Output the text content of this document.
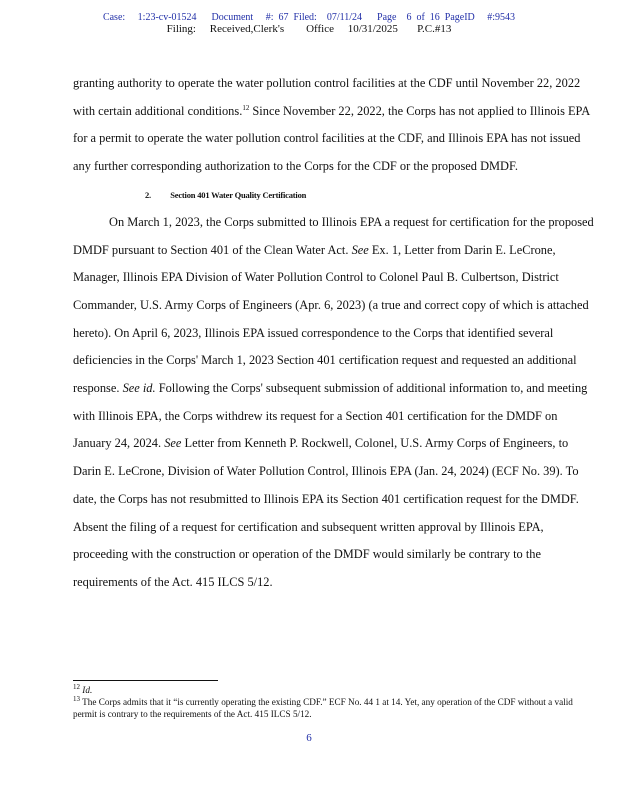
Case:     1:23-cv-01524      Document     #:  67  Filed:    07/11/24      Page    6  of  16  PageID     #:9543
Filing:     Received,Clerk's        Office     10/31/2025       P.C.#13

granting authority to operate the water pollution control facilities at the CDF until November 22, 2022 with certain additional conditions.$^{12}$ Since November 22, 2022, the Corps has not applied to Illinois EPA for a permit to operate the water pollution control facilities at the CDF, and Illinois EPA has not issued any further corresponding authorization to the Corps for the CDF or the proposed DMDF.

2. Section 401 Water Quality Certification

On March 1, 2023, the Corps submitted to Illinois EPA a request for certification for the proposed DMDF pursuant to Section 401 of the Clean Water Act. See Ex. 1, Letter from Darin E. LeCrone, Manager, Illinois EPA Division of Water Pollution Control to Colonel Paul B. Culbertson, District Commander, U.S. Army Corps of Engineers (Apr. 6, 2023) (a true and correct copy of which is attached hereto). On April 6, 2023, Illinois EPA issued correspondence to the Corps that identified several deficiencies in the Corps' March 1, 2023 Section 401 certification request and requested an additional response. See id. Following the Corps' subsequent submission of additional information to, and meeting with Illinois EPA, the Corps withdrew its request for a Section 401 certification for the DMDF on January 24, 2024. See Letter from Kenneth P. Rockwell, Colonel, U.S. Army Corps of Engineers, to Darin E. LeCrone, Division of Water Pollution Control, Illinois EPA (Jan. 24, 2024) (ECF No. 39). To date, the Corps has not resubmitted to Illinois EPA its Section 401 certification request for the DMDF. Absent the filing of a request for certification and subsequent written approval by Illinois EPA, proceeding with the construction or operation of the DMDF would similarly be contrary to the requirements of the Act. 415 ILCS 5/12.

$^{12}$ Id.

$^{13}$ The Corps admits that it “is currently operating the existing CDF.” ECF No. 44 1 at 14. Yet, any operation of the CDF without a valid permit is contrary to the requirements of the Act. 415 ILCS 5/12.

6
